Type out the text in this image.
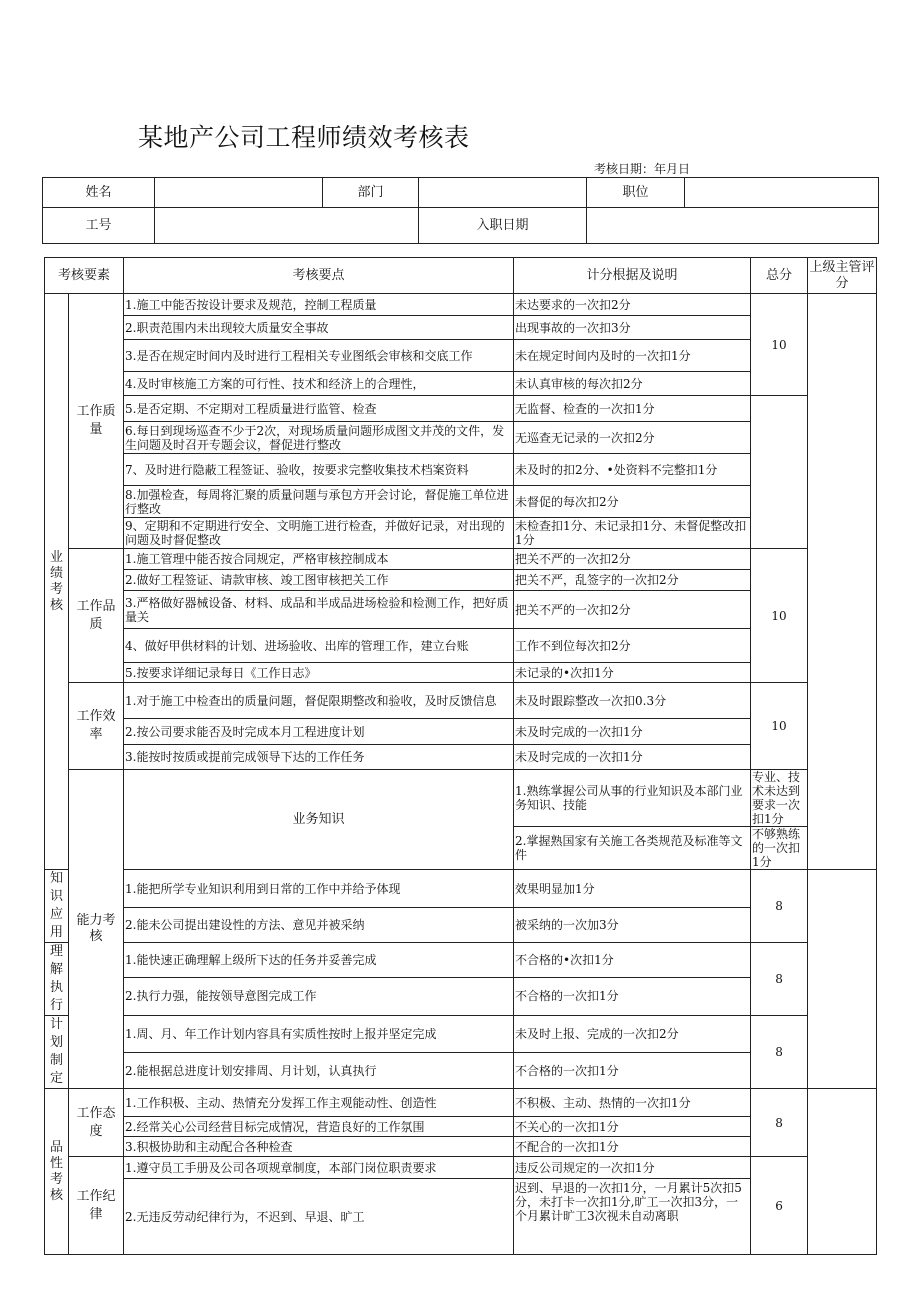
某地产公司工程师绩效考核表
考核日期：年月日
姓名		部门		职位	
工号			入职日期		
考核要素		考核要点	计分根据及说明	总分	上级主管评分	
业绩考核	工作质量	1.施工中能否按设计要求及规范，控制工程质量	未达要求的一次扣2分	10		
		2.职责范围内未出现较大质量安全事故	出现事故的一次扣3分			
		3.是否在规定时间内及时进行工程相关专业图纸会审核和交底工作	未在规定时间内及时的一次扣1分			
		4.及时审核施工方案的可行性、技术和经济上的合理性，	未认真审核的每次扣2分			
		5.是否定期、不定期对工程质量进行监管、检查	无监督、检查的一次扣1分			
		6.每日到现场巡查不少于2次，对现场质量问题形成图文并茂的文件，发生问题及时召开专题会议，督促进行整改	无巡查无记录的一次扣2分			
		7、及时进行隐蔽工程签证、验收，按要求完整收集技术档案资料	未及时的扣2分、•处资料不完整扣1分			
		8.加强检查，每周将汇聚的质量问题与承包方开会讨论，督促施工单位进行整改	未督促的每次扣2分			
		9、定期和不定期进行安全、文明施工进行检查，并做好记录，对出现的问题及时督促整改	未检查扣1分、未记录扣1分、未督促整改扣1分			
	工作品质	1.施工管理中能否按合同规定，严格审核控制成本	把关不严的一次扣2分	10		
		2.做好工程签证、请款审核、竣工图审核把关工作	把关不严，乱签字的一次扣2分			
		3.严格做好器械设备、材料、成品和半成品进场检验和检测工作，把好质量关	把关不严的一次扣2分			
		4、做好甲供材料的计划、进场验收、出库的管理工作，建立台账	工作不到位每次扣2分			
		5.按要求详细记录每日《工作日志》	未记录的•次扣1分			
	工作效率	1.对于施工中检查出的质量问题，督促限期整改和验收，及时反馈信息	未及时跟踪整改一次扣0.3分	10		
		2.按公司要求能否及时完成本月工程进度计划	未及时完成的一次扣1分			
		3.能按时按质或提前完成领导下达的工作任务	未及时完成的一次扣1分			
	能力考核	业务知识	1.熟练掌握公司从事的行业知识及本部门业务知识、技能	专业、技术未达到要求一次扣1分		
			2.掌握熟国家有关施工各类规范及标准等文件	不够熟练的一次扣1分		
知识应用		1.能把所学专业知识利用到日常的工作中并给予体现	效果明显加1分	8		
		2.能未公司提出建设性的方法、意见并被采纳	被采纳的一次加3分			
理解执行		1.能快速正确理解上级所下达的任务并妥善完成	不合格的•次扣1分	8		
		2.执行力强，能按领导意图完成工作	不合格的一次扣1分			
计划制定		1.周、月、年工作计划内容具有实质性按时上报并坚定完成	未及时上报、完成的一次扣2分	8		
		2.能根据总进度计划安排周、月计划，认真执行	不合格的一次扣1分			
品性考核	工作态度	1.工作积极、主动、热情充分发挥工作主观能动性、创造性	不积极、主动、热情的一次扣1分	8		
		2.经常关心公司经营目标完成情况，营造良好的工作氛围	不关心的一次扣1分			
		3.积极协助和主动配合各种检查	不配合的一次扣1分			
	工作纪律	1.遵守员工手册及公司各项规章制度，本部门岗位职责要求	违反公司规定的一次扣1分	6		
		2.无违反劳动纪律行为，不迟到、早退、旷工	迟到、早退的一次扣1分，一月累计5次扣5分，未打卡一次扣1分,旷工一次扣3分，一个月累计旷工3次视未自动离职			
